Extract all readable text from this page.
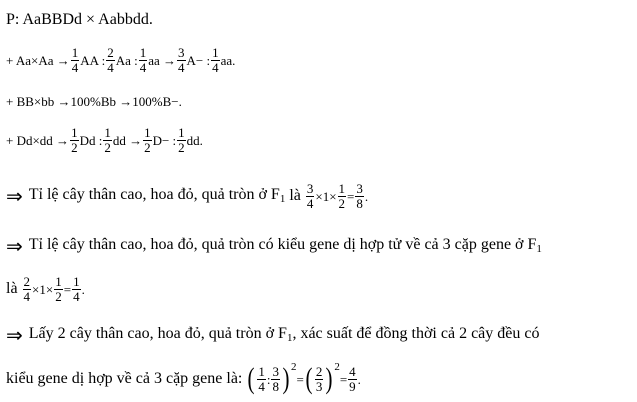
P: AaBBDd × Aabbdd.
+ $Aa\times Aa \to \frac{1}{4}$ AA : $\frac{2}{4}$ Aa : $\frac{1}{4}$ aa → $\frac{3}{4} A-$ : $\frac{1}{4}$ aa.
+ BB×bb →100%Bb →100%B−.
+ $Dd\times dd \to \frac{1}{2}$ Dd : $\frac{1}{2}$ dd → $\frac{1}{2} D-$ : $\frac{1}{2}$ dd.
⇒ Tỉ lệ cây thân cao, hoa đỏ, quả tròn ở $F_1$ là $\frac{3}{4} \times 1\times \frac{1}{2} = \frac{3}{8}$ .
⇒ Tỉ lệ cây thân cao, hoa đỏ, quả tròn có kiểu gene dị hợp tử về cả 3 cặp gene ở $F_1$
là $\frac{2}{4} \times 1\times \frac{1}{2} = \frac{1}{4}$ .
⇒ Lấy 2 cây thân cao, hoa đỏ, quả tròn ở $F_1$, xác suất để đồng thời cả 2 cây đều có
kiểu gene dị hợp về cả 3 cặp gene là: ( $\frac{1}{4}$ : $\frac{3}{8}$ ) 2
= ( $\frac{2}{3}$ ) 2
= $\frac{4}{9}$ .
